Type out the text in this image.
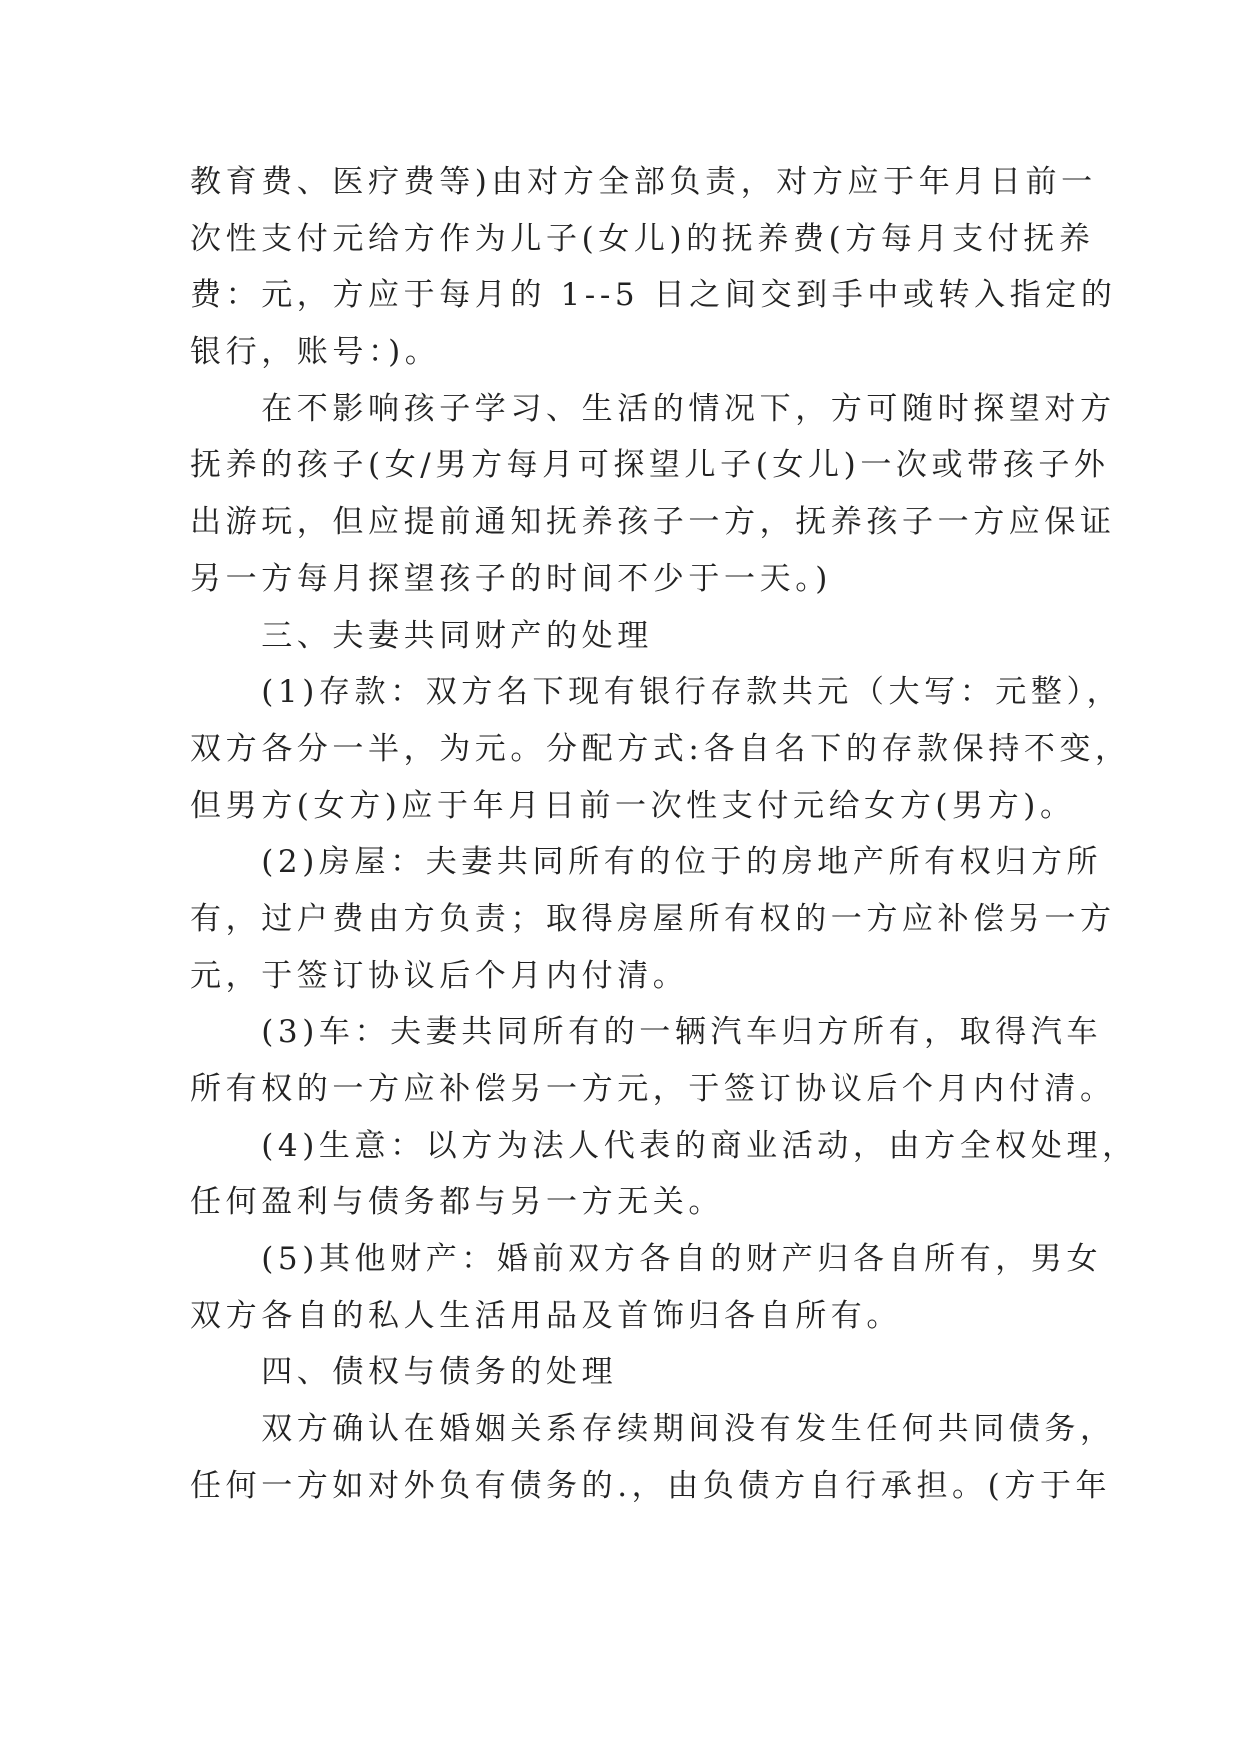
教育费、医疗费等)由对方全部负责，对方应于年月日前一
次性支付元给方作为儿子(女儿)的抚养费(方每月支付抚养
费：元，方应于每月的 1--5 日之间交到手中或转入指定的
银行，账号：)。
　　在不影响孩子学习、生活的情况下，方可随时探望对方
抚养的孩子(女/男方每月可探望儿子(女儿)一次或带孩子外
出游玩，但应提前通知抚养孩子一方，抚养孩子一方应保证
另一方每月探望孩子的时间不少于一天。)
　　三、夫妻共同财产的处理
　　(1)存款：双方名下现有银行存款共元（大写：元整），
双方各分一半，为元。分配方式:各自名下的存款保持不变，
但男方(女方)应于年月日前一次性支付元给女方(男方)。
　　(2)房屋：夫妻共同所有的位于的房地产所有权归方所
有，过户费由方负责；取得房屋所有权的一方应补偿另一方
元，于签订协议后个月内付清。
　　(3)车：夫妻共同所有的一辆汽车归方所有，取得汽车
所有权的一方应补偿另一方元，于签订协议后个月内付清。
　　(4)生意：以方为法人代表的商业活动，由方全权处理，
任何盈利与债务都与另一方无关。
　　(5)其他财产：婚前双方各自的财产归各自所有，男女
双方各自的私人生活用品及首饰归各自所有。
　　四、债权与债务的处理
　　双方确认在婚姻关系存续期间没有发生任何共同债务，
任何一方如对外负有债务的.，由负债方自行承担。(方于年
